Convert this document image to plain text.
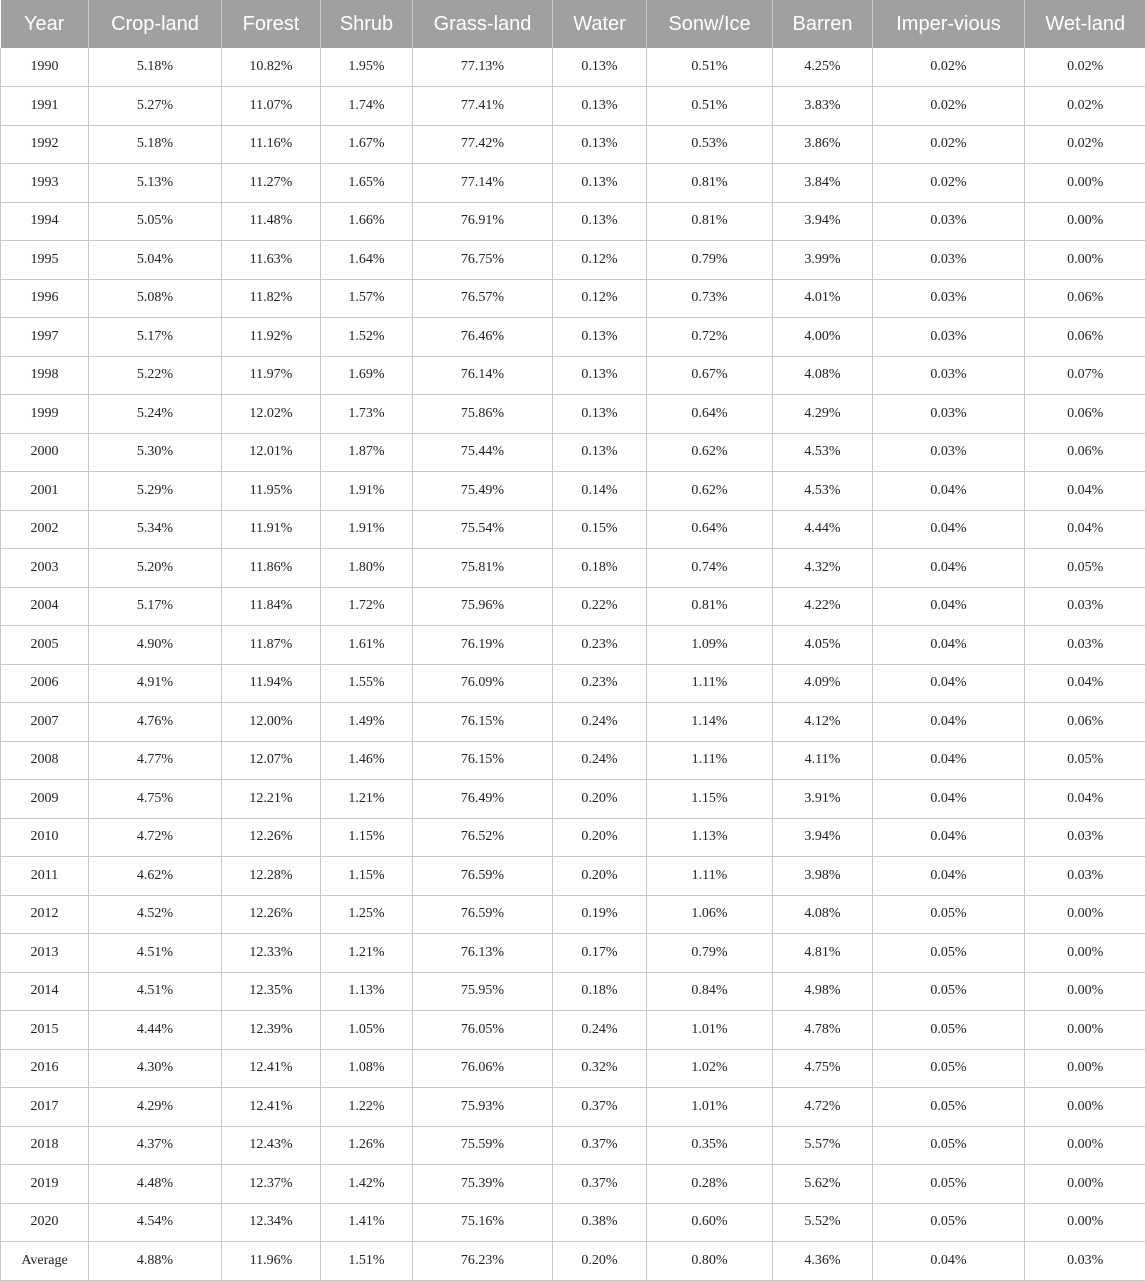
Year	Crop-land	Forest	Shrub	Grass-land	Water	Sonw/Ice	Barren	Imper-vious	Wet-land
1990	5.18%	10.82%	1.95%	77.13%	0.13%	0.51%	4.25%	0.02%	0.02%
1991	5.27%	11.07%	1.74%	77.41%	0.13%	0.51%	3.83%	0.02%	0.02%
1992	5.18%	11.16%	1.67%	77.42%	0.13%	0.53%	3.86%	0.02%	0.02%
1993	5.13%	11.27%	1.65%	77.14%	0.13%	0.81%	3.84%	0.02%	0.00%
1994	5.05%	11.48%	1.66%	76.91%	0.13%	0.81%	3.94%	0.03%	0.00%
1995	5.04%	11.63%	1.64%	76.75%	0.12%	0.79%	3.99%	0.03%	0.00%
1996	5.08%	11.82%	1.57%	76.57%	0.12%	0.73%	4.01%	0.03%	0.06%
1997	5.17%	11.92%	1.52%	76.46%	0.13%	0.72%	4.00%	0.03%	0.06%
1998	5.22%	11.97%	1.69%	76.14%	0.13%	0.67%	4.08%	0.03%	0.07%
1999	5.24%	12.02%	1.73%	75.86%	0.13%	0.64%	4.29%	0.03%	0.06%
2000	5.30%	12.01%	1.87%	75.44%	0.13%	0.62%	4.53%	0.03%	0.06%
2001	5.29%	11.95%	1.91%	75.49%	0.14%	0.62%	4.53%	0.04%	0.04%
2002	5.34%	11.91%	1.91%	75.54%	0.15%	0.64%	4.44%	0.04%	0.04%
2003	5.20%	11.86%	1.80%	75.81%	0.18%	0.74%	4.32%	0.04%	0.05%
2004	5.17%	11.84%	1.72%	75.96%	0.22%	0.81%	4.22%	0.04%	0.03%
2005	4.90%	11.87%	1.61%	76.19%	0.23%	1.09%	4.05%	0.04%	0.03%
2006	4.91%	11.94%	1.55%	76.09%	0.23%	1.11%	4.09%	0.04%	0.04%
2007	4.76%	12.00%	1.49%	76.15%	0.24%	1.14%	4.12%	0.04%	0.06%
2008	4.77%	12.07%	1.46%	76.15%	0.24%	1.11%	4.11%	0.04%	0.05%
2009	4.75%	12.21%	1.21%	76.49%	0.20%	1.15%	3.91%	0.04%	0.04%
2010	4.72%	12.26%	1.15%	76.52%	0.20%	1.13%	3.94%	0.04%	0.03%
2011	4.62%	12.28%	1.15%	76.59%	0.20%	1.11%	3.98%	0.04%	0.03%
2012	4.52%	12.26%	1.25%	76.59%	0.19%	1.06%	4.08%	0.05%	0.00%
2013	4.51%	12.33%	1.21%	76.13%	0.17%	0.79%	4.81%	0.05%	0.00%
2014	4.51%	12.35%	1.13%	75.95%	0.18%	0.84%	4.98%	0.05%	0.00%
2015	4.44%	12.39%	1.05%	76.05%	0.24%	1.01%	4.78%	0.05%	0.00%
2016	4.30%	12.41%	1.08%	76.06%	0.32%	1.02%	4.75%	0.05%	0.00%
2017	4.29%	12.41%	1.22%	75.93%	0.37%	1.01%	4.72%	0.05%	0.00%
2018	4.37%	12.43%	1.26%	75.59%	0.37%	0.35%	5.57%	0.05%	0.00%
2019	4.48%	12.37%	1.42%	75.39%	0.37%	0.28%	5.62%	0.05%	0.00%
2020	4.54%	12.34%	1.41%	75.16%	0.38%	0.60%	5.52%	0.05%	0.00%
Average	4.88%	11.96%	1.51%	76.23%	0.20%	0.80%	4.36%	0.04%	0.03%
